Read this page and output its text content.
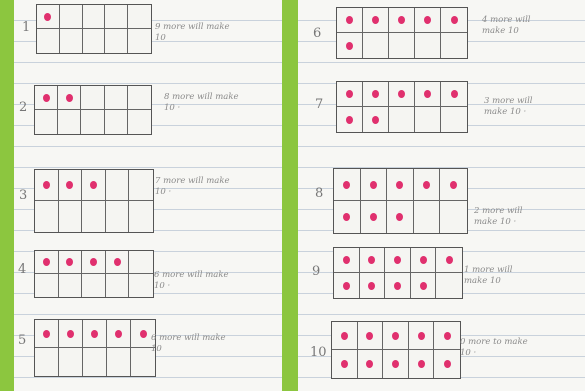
1	9 more will make
10
2
8 more will make
10 ·
3
7 more will make
10 ·
4	6 more will make
10 ·
5	6 more will make
10
6
4 more will
make 10
7	3 more will
make 10 ·
8
2 more will
make 10 ·
9	1 more will
make 10
10
0 more to make
10 ·
